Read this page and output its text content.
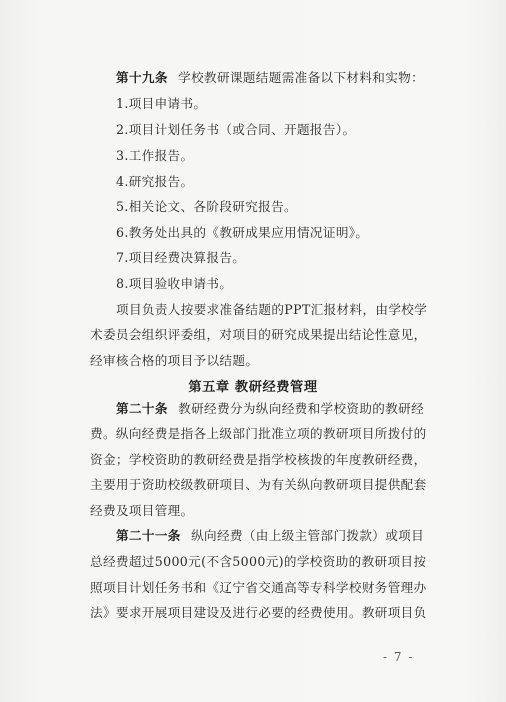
第十九条 学校教研课题结题需准备以下材料和实物：
1.项目申请书。
2.项目计划任务书（或合同、开题报告）。
3.工作报告。
4.研究报告。
5.相关论文、各阶段研究报告。
6.教务处出具的《教研成果应用情况证明》。
7.项目经费决算报告。
8.项目验收申请书。
项目负责人按要求准备结题的PPT汇报材料，由学校学
术委员会组织评委组，对项目的研究成果提出结论性意见，
经审核合格的项目予以结题。
第五章 教研经费管理
第二十条 教研经费分为纵向经费和学校资助的教研经
费。纵向经费是指各上级部门批准立项的教研项目所拨付的
资金；学校资助的教研经费是指学校核拨的年度教研经费，
主要用于资助校级教研项目、为有关纵向教研项目提供配套
经费及项目管理。
第二十一条 纵向经费（由上级主管部门拨款）或项目
总经费超过5000元(不含5000元)的学校资助的教研项目按
照项目计划任务书和《辽宁省交通高等专科学校财务管理办
法》要求开展项目建设及进行必要的经费使用。教研项目负
- 7 -
